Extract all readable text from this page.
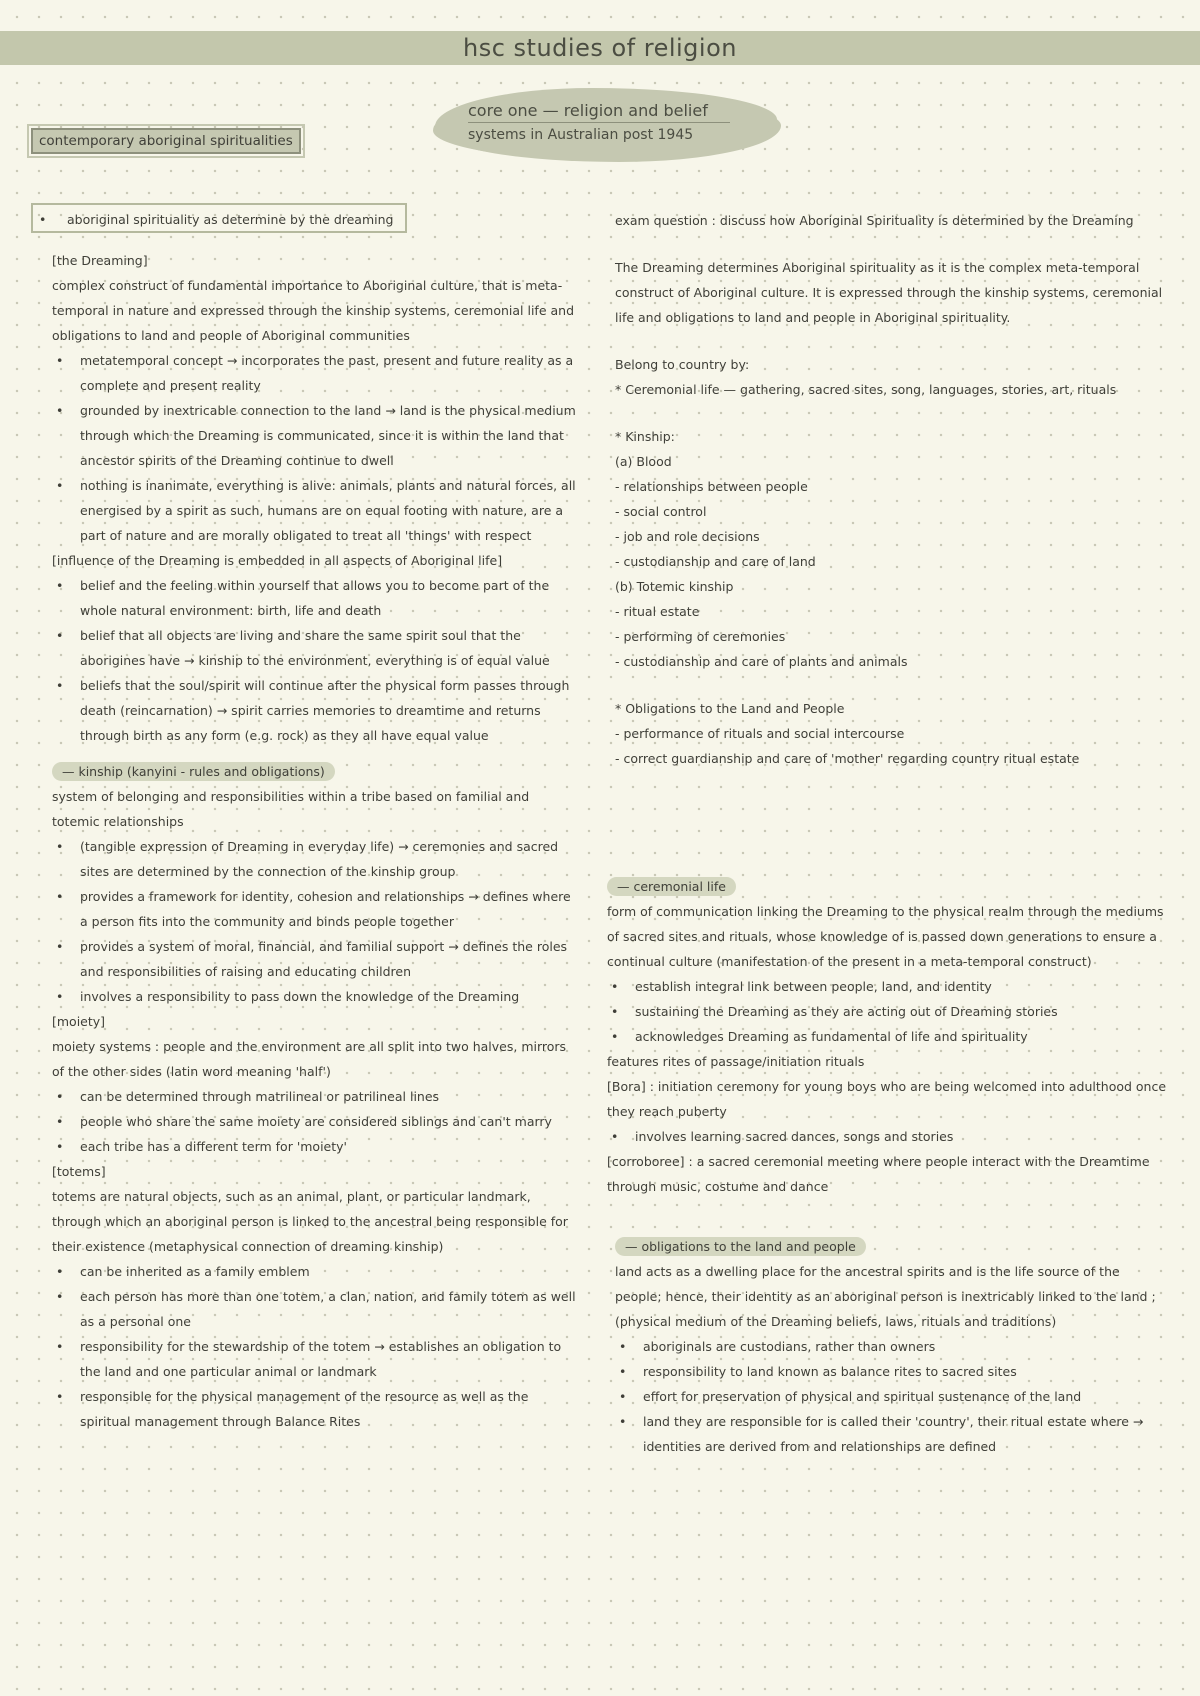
hsc studies of religion
core one — religion and belief
systems in Australian post 1945
contemporary aboriginal spiritualities
• aboriginal spirituality as determine by the dreaming

[the Dreaming]

complex construct of fundamental importance to Aboriginal culture, that is meta-temporal in nature and expressed through the kinship systems, ceremonial life and obligations to land and people of Aboriginal communities

• metatemporal concept → incorporates the past, present and future reality as a complete and present reality
• grounded by inextricable connection to the land → land is the physical medium through which the Dreaming is communicated, since it is within the land that ancestor spirits of the Dreaming continue to dwell
• nothing is inanimate, everything is alive: animals, plants and natural forces, all energised by a spirit as such, humans are on equal footing with nature, are a part of nature and are morally obligated to treat all 'things' with respect

[influence of the Dreaming is embedded in all aspects of Aboriginal life]

• belief and the feeling within yourself that allows you to become part of the whole natural environment: birth, life and death
• belief that all objects are living and share the same spirit soul that the aborigines have → kinship to the environment, everything is of equal value
• beliefs that the soul/spirit will continue after the physical form passes through death (reincarnation) → spirit carries memories to dreamtime and returns through birth as any form (e.g. rock) as they all have equal value
— kinship (kanyini - rules and obligations)

system of belonging and responsibilities within a tribe based on familial and totemic relationships

• (tangible expression of Dreaming in everyday life) → ceremonies and sacred sites are determined by the connection of the kinship group
• provides a framework for identity, cohesion and relationships → defines where a person fits into the community and binds people together
• provides a system of moral, financial, and familial support → defines the roles and responsibilities of raising and educating children
• involves a responsibility to pass down the knowledge of the Dreaming

[moiety]

moiety systems : people and the environment are all split into two halves, mirrors of the other sides (latin word meaning 'half')

• can be determined through matrilineal or patrilineal lines
• people who share the same moiety are considered siblings and can't marry
• each tribe has a different term for 'moiety'

[totems]

totems are natural objects, such as an animal, plant, or particular landmark, through which an aboriginal person is linked to the ancestral being responsible for their existence (metaphysical connection of dreaming kinship)

• can be inherited as a family emblem
• each person has more than one totem, a clan, nation, and family totem as well as a personal one
• responsibility for the stewardship of the totem → establishes an obligation to the land and one particular animal or landmark
• responsible for the physical management of the resource as well as the spiritual management through Balance Rites

exam question : discuss how Aboriginal Spirituality is determined by the Dreaming

The Dreaming determines Aboriginal spirituality as it is the complex meta-temporal construct of Aboriginal culture. It is expressed through the kinship systems, ceremonial life and obligations to land and people in Aboriginal spirituality.

Belong to country by:

* Ceremonial life — gathering, sacred sites, song, languages, stories, art, rituals

* Kinship:

(a) Blood

- relationships between people

- social control

- job and role decisions

- custodianship and care of land

(b) Totemic kinship

- ritual estate

- performing of ceremonies

- custodianship and care of plants and animals

* Obligations to the Land and People

- performance of rituals and social intercourse

- correct guardianship and care of 'mother' regarding country ritual estate

— ceremonial life

form of communication linking the Dreaming to the physical realm through the mediums of sacred sites and rituals, whose knowledge of is passed down generations to ensure a continual culture (manifestation of the present in a meta-temporal construct)

• establish integral link between people, land, and identity
• sustaining the Dreaming as they are acting out of Dreaming stories
• acknowledges Dreaming as fundamental of life and spirituality

features rites of passage/initiation rituals

[Bora] : initiation ceremony for young boys who are being welcomed into adulthood once they reach puberty

• involves learning sacred dances, songs and stories

[corroboree] : a sacred ceremonial meeting where people interact with the Dreamtime through music, costume and dance

— obligations to the land and people

land acts as a dwelling place for the ancestral spirits and is the life source of the people; hence, their identity as an aboriginal person is inextricably linked to the land ; (physical medium of the Dreaming beliefs, laws, rituals and traditions)

• aboriginals are custodians, rather than owners
• responsibility to land known as balance rites to sacred sites
• effort for preservation of physical and spiritual sustenance of the land
• land they are responsible for is called their 'country', their ritual estate where → identities are derived from and relationships are defined
